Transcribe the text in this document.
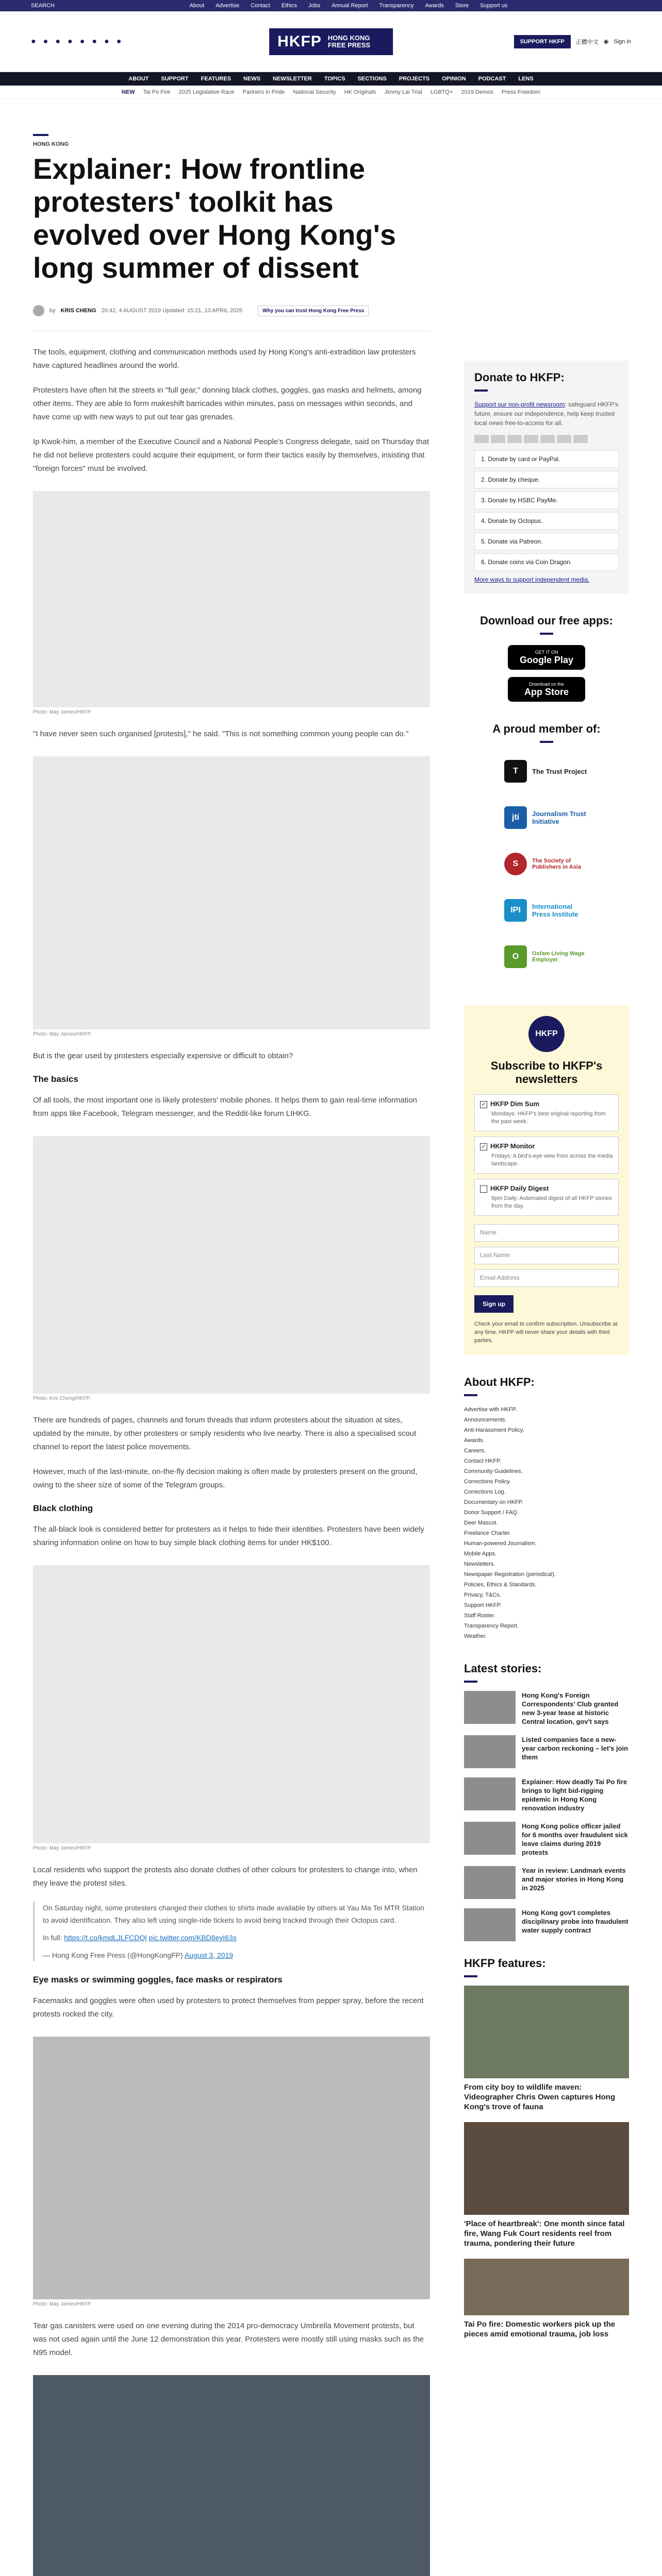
SEARCH	About Advertise Contact Ethics Jobs Annual Report Transparency Awards Store Support us
● ● ● ● ● ● ● ●	HKFP HONG KONG FREE PRESS	SUPPORT HKFP	正體中文 ◉ Sign in
ABOUT SUPPORT FEATURES NEWS NEWSLETTER TOPICS SECTIONS PROJECTS OPINION PODCAST LENS
NEW Tai Po Fire 2025 Legislative Race Partners in Pride National Security HK Originals Jimmy Lai Trial LGBTQ+ 2019 Demos Press Freedom
HONG KONG
Explainer: How frontline protesters' toolkit has evolved over Hong Kong's long summer of dissent
by KRIS CHENG 20:42, 4 AUGUST 2019 Updated: 15:21, 13 APRIL 2025	Why you can trust Hong Kong Free Press

The tools, equipment, clothing and communication methods used by Hong Kong's anti-extradition law protesters have captured headlines around the world.

Protesters have often hit the streets in "full gear," donning black clothes, goggles, gas masks and helmets, among other items. They are able to form makeshift barricades within minutes, pass on messages within seconds, and have come up with new ways to put out tear gas grenades.

Ip Kwok-him, a member of the Executive Council and a National People's Congress delegate, said on Thursday that he did not believe protesters could acquire their equipment, or form their tactics easily by themselves, insisting that "foreign forces" must be involved.

Photo: May James/HKFP.

"I have never seen such organised [protests]," he said. "This is not something common young people can do."

Photo: May James/HKFP.

But is the gear used by protesters especially expensive or difficult to obtain?

The basics

Of all tools, the most important one is likely protesters' mobile phones. It helps them to gain real-time information from apps like Facebook, Telegram messenger, and the Reddit-like forum LIHKG.

Photo: Kris Cheng/HKFP.

There are hundreds of pages, channels and forum threads that inform protesters about the situation at sites, updated by the minute, by other protesters or simply residents who live nearby. There is also a specialised scout channel to report the latest police movements.

However, much of the last-minute, on-the-fly decision making is often made by protesters present on the ground, owing to the sheer size of some of the Telegram groups.

Black clothing

The all-black look is considered better for protesters as it helps to hide their identities. Protesters have been widely sharing information online on how to buy simple black clothing items for under HK$100.

Photo: May James/HKFP.

Local residents who support the protests also donate clothes of other colours for protesters to change into, when they leave the protest sites.

On Saturday night, some protesters changed their clothes to shirts made available by others at Yau Ma Tei MTR Station to avoid identification. They also left using single-ride tickets to avoid being tracked through their Octopus card.

In full: https://t.co/kmdLJLFCDQl pic.twitter.com/KBD8eyI63s

— Hong Kong Free Press (@HongKongFP) August 3, 2019

Eye masks or swimming goggles, face masks or respirators

Facemasks and goggles were often used by protesters to protect themselves from pepper spray, before the recent protests rocked the city.

Photo: May James/HKFP.

Tear gas canisters were used on one evening during the 2014 pro-democracy Umbrella Movement protests, but was not used again until the June 12 demonstration this year. Protesters were mostly still using masks such as the N95 model.

Donate to HKFP:

Support our non-profit newsroom: safeguard HKFP's future, ensure our independence, help keep trusted local news free-to-access for all.

1. Donate by card or PayPal.
2. Donate by cheque.
3. Donate by HSBC PayMe.
4. Donate by Octopus.
5. Donate via Patreon.
6. Donate coins via Coin Dragon.
More ways to support independent media.
Download our free apps:
GET IT ON
Google Play
Download on the
App Store
A proud member of:
T	The Trust Project
jti	Journalism Trust Initiative
S	The Society of Publishers in Asia
IPI	International Press Institute
O	Oxfam Living Wage Employer
HKFP
Subscribe to HKFP's newsletters
✓ HKFP Dim Sum
Mondays: HKFP's best original reporting from the past week.
✓ HKFP Monitor
Fridays: A bird's-eye view from across the media landscape.
HKFP Daily Digest
9pm Daily: Automated digest of all HKFP stories from the day.
Name
Last Name
Email Address
Sign up

Check your email to confirm subscription. Unsubscribe at any time. HKFP will never share your details with third parties.

About HKFP:
Advertise with HKFP.
Announcements.
Anti-Harassment Policy.
Awards.
Careers.
Contact HKFP.
Community Guidelines.
Corrections Policy.
Corrections Log.
Documentary on HKFP.
Donor Support / FAQ.
Deer Mascot.
Freelance Charter.
Human-powered Journalism.
Mobile Apps.
Newsletters.
Newspaper Registration (periodical).
Policies, Ethics & Standards.
Privacy, T&Cs.
Support HKFP.
Staff Roster.
Transparency Report.
Weather.
Latest stories:
Hong Kong's Foreign Correspondents' Club granted new 3-year lease at historic Central location, gov't says
Listed companies face a new-year carbon reckoning – let's join them
Explainer: How deadly Tai Po fire brings to light bid-rigging epidemic in Hong Kong renovation industry
Hong Kong police officer jailed for 6 months over fraudulent sick leave claims during 2019 protests
Year in review: Landmark events and major stories in Hong Kong in 2025
Hong Kong gov't completes disciplinary probe into fraudulent water supply contract
HKFP features:
From city boy to wildlife maven: Videographer Chris Owen captures Hong Kong's trove of fauna
'Place of heartbreak': One month since fatal fire, Wang Fuk Court residents reel from trauma, pondering their future
Tai Po fire: Domestic workers pick up the pieces amid emotional trauma, job loss
